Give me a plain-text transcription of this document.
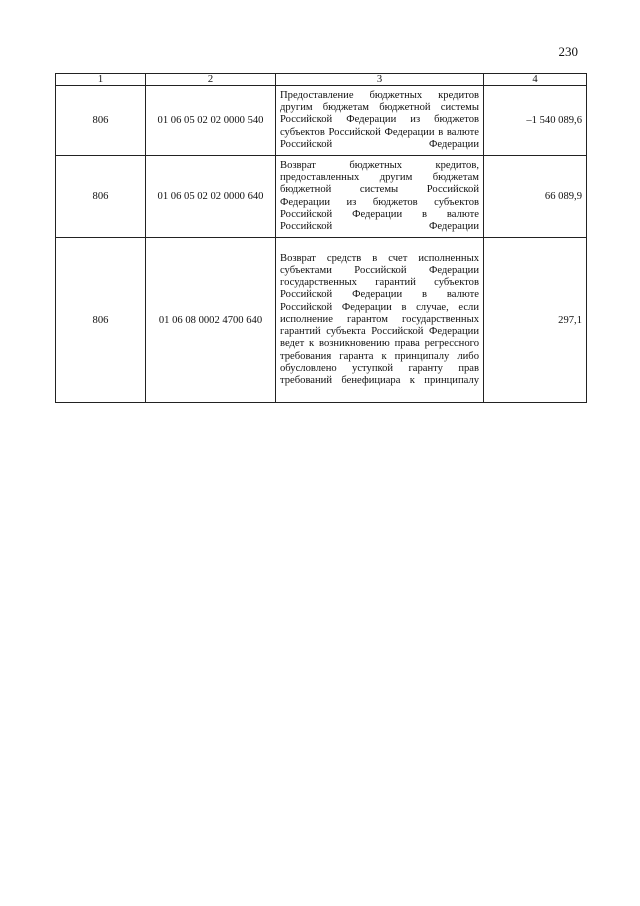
230
1	2	3	4
806	01 06 05 02 02 0000 540	Предоставление бюджетных кредитов другим бюджетам бюджетной системы Российской Федерации из бюджетов субъектов Российской Федерации в валюте Российской Федерации	–1 540 089,6
806	01 06 05 02 02 0000 640	Возврат бюджетных кредитов, предоставленных другим бюджетам бюджетной системы Российской Федерации из бюджетов субъектов Российской Федерации в валюте Российской Федерации	66 089,9
806	01 06 08 0002 4700 640	Возврат средств в счет исполненных субъектами Российской Федерации государственных гарантий субъектов Российской Федерации в валюте Российской Федерации в случае, если исполнение гарантом государственных гарантий субъекта Российской Федерации ведет к возникновению права регрессного требования гаранта к принципалу либо обусловлено уступкой гаранту прав требований бенефициара к принципалу	297,1
